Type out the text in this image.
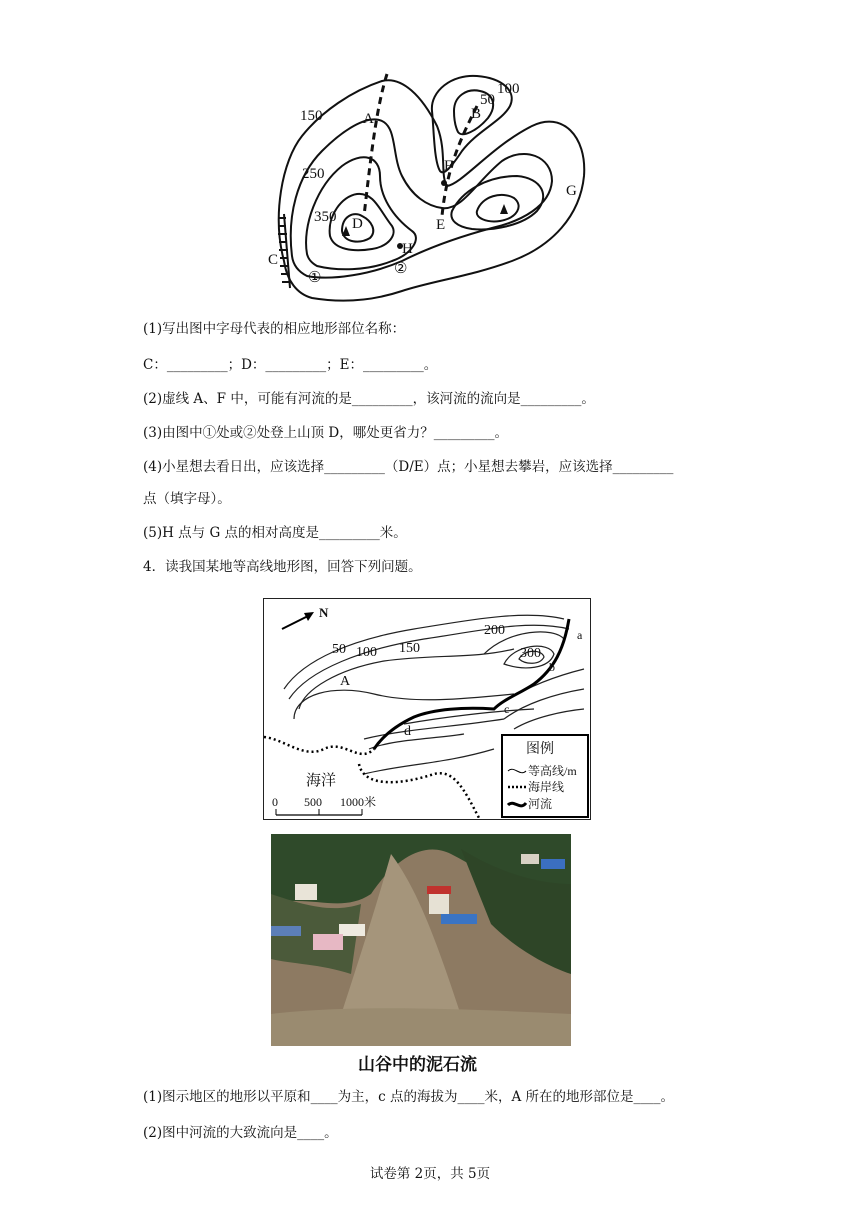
150
250
350
100
50
A	B
C
D	E
F
G
H
①
②
(1)写出图中字母代表的相应地形部位名称：
C：_________；D：_________；E：_________。
(2)虚线 A、F 中，可能有河流的是_________，该河流的流向是_________。
(3)由图中①处或②处登上山顶 D，哪处更省力？_________。
(4)小星想去看日出，应该选择_________（D/E）点；小星想去攀岩，应该选择_________
点（填字母）。
(5)H 点与 G 点的相对高度是_________米。
4．读我国某地等高线地形图，回答下列问题。
N
50 100 150
200
300
A
a
b
c
d
海洋
0 500 1000米
图例
等高线/m
海岸线
河流
山谷中的泥石流
(1)图示地区的地形以平原和____为主，c 点的海拔为____米，A 所在的地形部位是____。
(2)图中河流的大致流向是____。
试卷第 2页，共 5页
